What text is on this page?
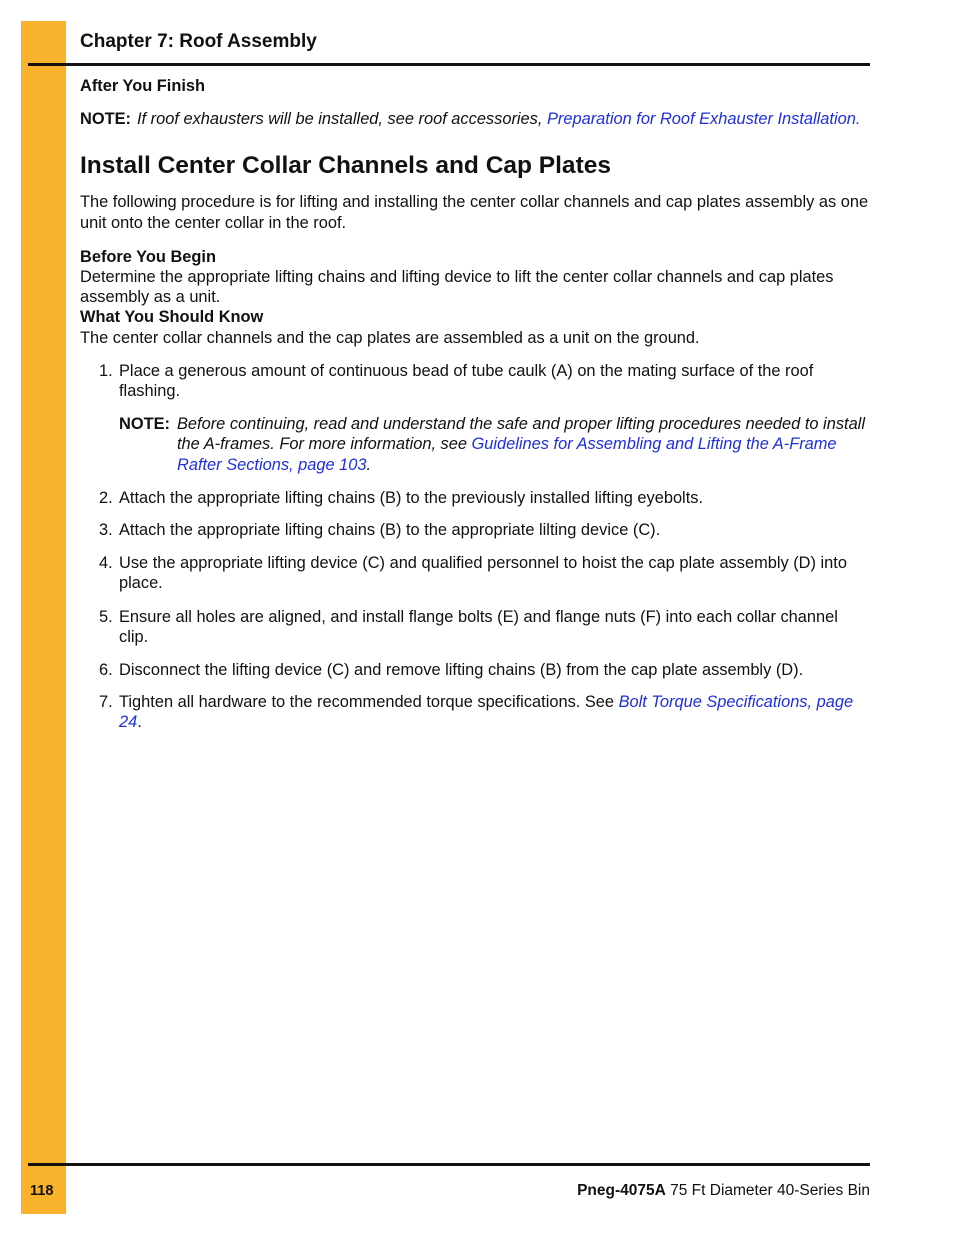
Chapter 7: Roof Assembly

After You Finish

NOTE: If roof exhausters will be installed, see roof accessories, Preparation for Roof Exhauster Installation.

Install Center Collar Channels and Cap Plates

The following procedure is for lifting and installing the center collar channels and cap plates assembly as one unit onto the center collar in the roof.

Before You Begin

Determine the appropriate lifting chains and lifting device to lift the center collar channels and cap plates assembly as a unit.

What You Should Know

The center collar channels and the cap plates are assembled as a unit on the ground.

1. Place a generous amount of continuous bead of tube caulk (A) on the mating surface of the roof flashing.

NOTE: Before continuing, read and understand the safe and proper lifting procedures needed to install the A-frames. For more information, see Guidelines for Assembling and Lifting the A-Frame Rafter Sections, page 103.

2. Attach the appropriate lifting chains (B) to the previously installed lifting eyebolts.
3. Attach the appropriate lifting chains (B) to the appropriate lilting device (C).
4. Use the appropriate lifting device (C) and qualified personnel to hoist the cap plate assembly (D) into place.
5. Ensure all holes are aligned, and install flange bolts (E) and flange nuts (F) into each collar channel clip.
6. Disconnect the lifting device (C) and remove lifting chains (B) from the cap plate assembly (D).
7. Tighten all hardware to the recommended torque specifications. See Bolt Torque Specifications, page 24.
118	Pneg-4075A 75 Ft Diameter 40-Series Bin
